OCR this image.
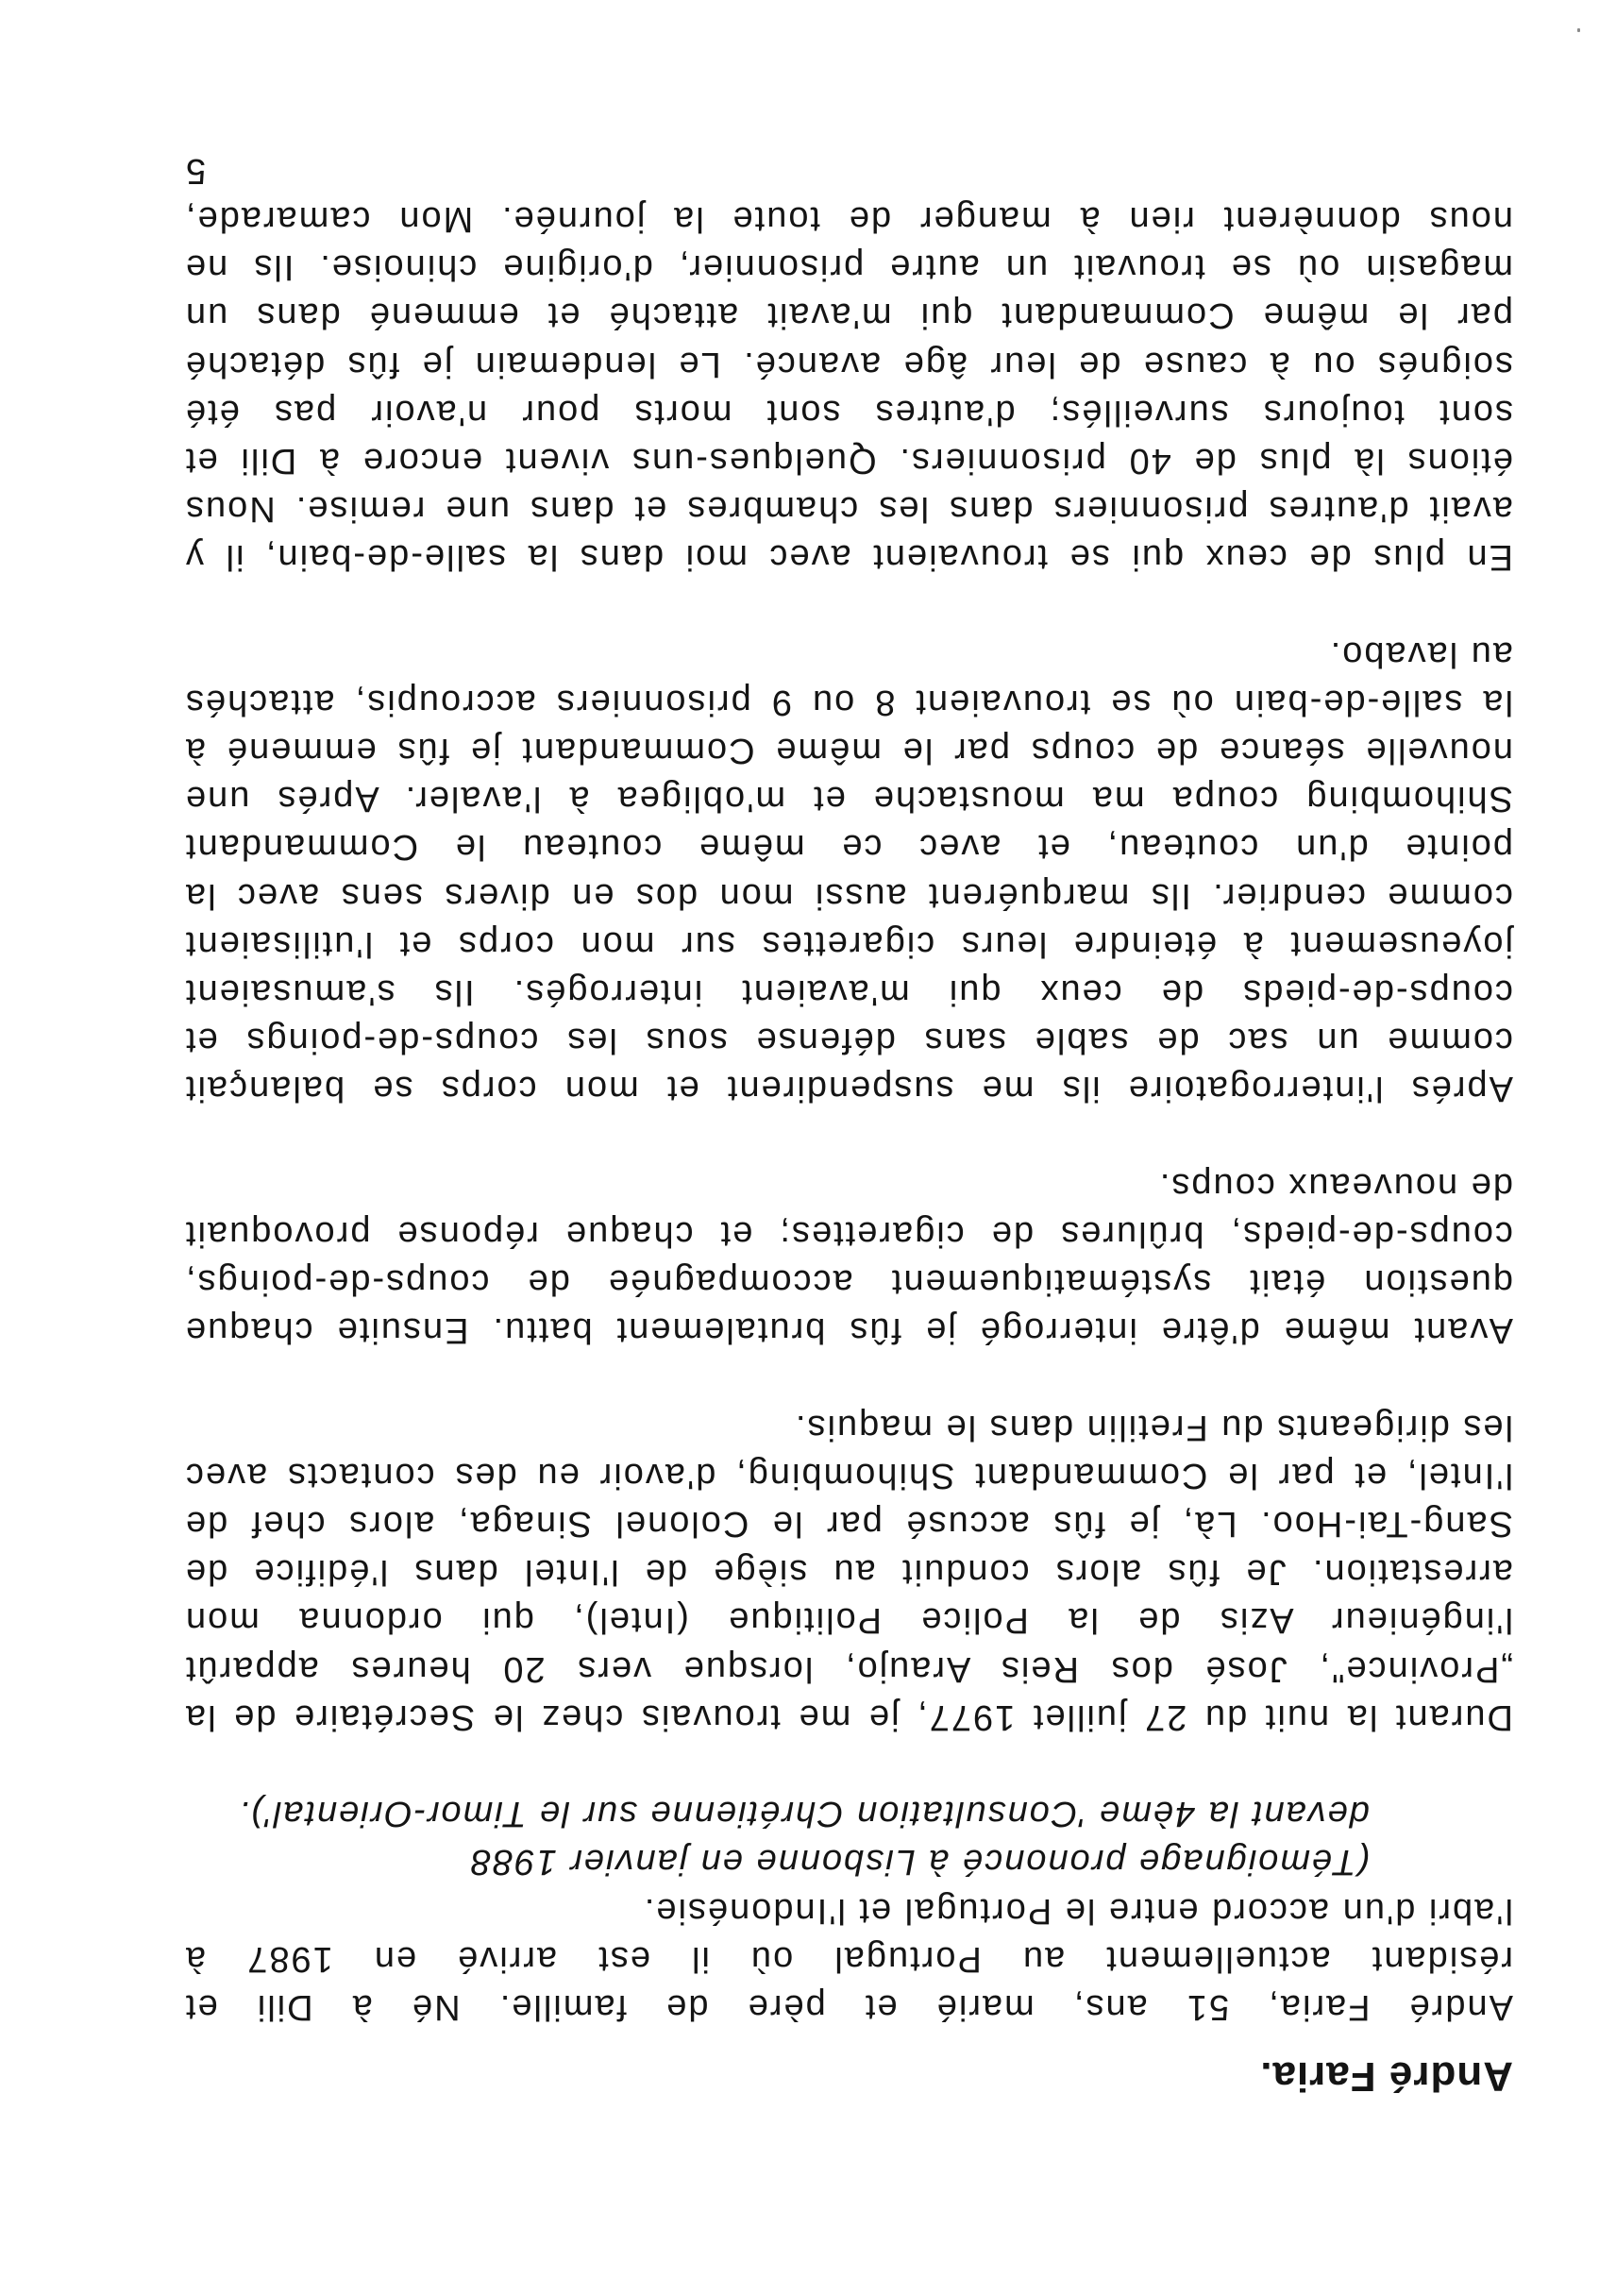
André Faria.
André Faria, 51 ans, marié et père de famille. Né à Dili et
résidant actuellement au Portugal où il est arrivé en 1987 à
l'abri d'un accord entre le Portugal et l'Indonésie.
(Témoignage prononcé à Lisbonne en janvier 1988
devant la 4ème 'Consultation Chrétienne sur le Timor-Oriental').
Durant la nuit du 27 juillet 1977, je me trouvais chez le Secrétaire de la
„Province", José dos Reis Araujo, lorsque vers 20 heures apparût
l'ingénieur Azis de la Police Politique (Intel), qui ordonna mon
arrestation. Je fûs alors conduit au siège de l'Intel dans l'édifice de
Sang-Tai-Hoo. Là, je fûs accusé par le Colonel Sinaga, alors chef de
l'Intel, et par le Commandant Shihombing, d'avoir eu des contacts avec
les dirigeants du Fretilin dans le maquis.
Avant même d'être interrogé je fûs brutalement battu. Ensuite chaque
question était systématiquement accompagnée de coups-de-poings,
coups-de-pieds, brûlures de cigarettes; et chaque réponse provoquait
de nouveaux coups.
Aprés l'interrogatoire ils me suspendirent et mon corps se balançait
comme un sac de sable sans défense sous les coups-de-poings et
coups-de-pieds de ceux qui m'avaient interrogés. Ils s'amusaient
joyeusement à éteindre leurs cigarettes sur mon corps et l'utilisaient
comme cendrier. Ils marquérent aussi mon dos en divers sens avec la
pointe d'un couteau, et avec ce même couteau le Commandant
Shihombing coupa ma moustache et m'obligea à l'avaler. Aprés une
nouvelle séance de coups par le même Commandant je fûs emmené à
la salle-de-bain où se trouvaient 8 ou 9 prisonniers accroupis, attachés
au lavabo.
En plus de ceux qui se trouvaient avec moi dans la salle-de-bain, il y
avait d'autres prisonniers dans les chambres et dans une remise. Nous
étions là plus de 40 prisonniers. Quelques-uns vivent encore à Dili et
sont toujours surveillés; d'autres sont morts pour n'avoir pas été
soignés ou à cause de leur âge avancé. Le lendemain je fûs détaché
par le même Commandant qui m'avait attaché et emmené dans un
magasin où se trouvait un autre prisonnier, d'origine chinoise. Ils ne
nous donnèrent rien à manger de toute la journée. Mon camarade,
5
